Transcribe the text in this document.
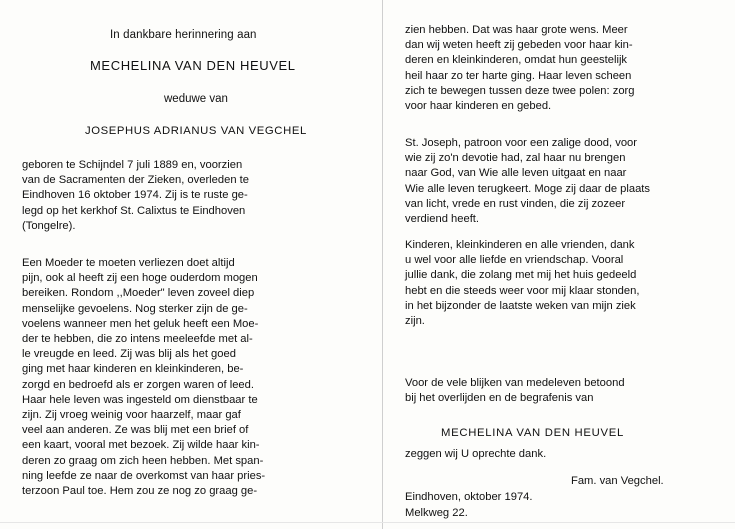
In dankbare herinnering aan
MECHELINA VAN DEN HEUVEL
weduwe van
JOSEPHUS ADRIANUS VAN VEGCHEL
geboren te Schijndel 7 juli 1889 en, voorzien
van de Sacramenten der Zieken, overleden te
Eindhoven 16 oktober 1974. Zij is te ruste ge-
legd op het kerkhof St. Calixtus te Eindhoven
(Tongelre).
Een Moeder te moeten verliezen doet altijd
pijn, ook al heeft zij een hoge ouderdom mogen
bereiken. Rondom ,,Moeder" leven zoveel diep
menselijke gevoelens. Nog sterker zijn de ge-
voelens wanneer men het geluk heeft een Moe-
der te hebben, die zo intens meeleefde met al-
le vreugde en leed. Zij was blij als het goed
ging met haar kinderen en kleinkinderen, be-
zorgd en bedroefd als er zorgen waren of leed.
Haar hele leven was ingesteld om dienstbaar te
zijn. Zij vroeg weinig voor haarzelf, maar gaf
veel aan anderen. Ze was blij met een brief of
een kaart, vooral met bezoek. Zij wilde haar kin-
deren zo graag om zich heen hebben. Met span-
ning leefde ze naar de overkomst van haar pries-
terzoon Paul toe. Hem zou ze nog zo graag ge-
zien hebben. Dat was haar grote wens. Meer
dan wij weten heeft zij gebeden voor haar kin-
deren en kleinkinderen, omdat hun geestelijk
heil haar zo ter harte ging. Haar leven scheen
zich te bewegen tussen deze twee polen: zorg
voor haar kinderen en gebed.
St. Joseph, patroon voor een zalige dood, voor
wie zij zo'n devotie had, zal haar nu brengen
naar God, van Wie alle leven uitgaat en naar
Wie alle leven terugkeert. Moge zij daar de plaats
van licht, vrede en rust vinden, die zij zozeer
verdiend heeft.
Kinderen, kleinkinderen en alle vrienden, dank
u wel voor alle liefde en vriendschap. Vooral
jullie dank, die zolang met mij het huis gedeeld
hebt en die steeds weer voor mij klaar stonden,
in het bijzonder de laatste weken van mijn ziek
zijn.
Voor de vele blijken van medeleven betoond
bij het overlijden en de begrafenis van
MECHELINA VAN DEN HEUVEL
zeggen wij U oprechte dank.
Fam. van Vegchel.
Eindhoven, oktober 1974.
Melkweg 22.
